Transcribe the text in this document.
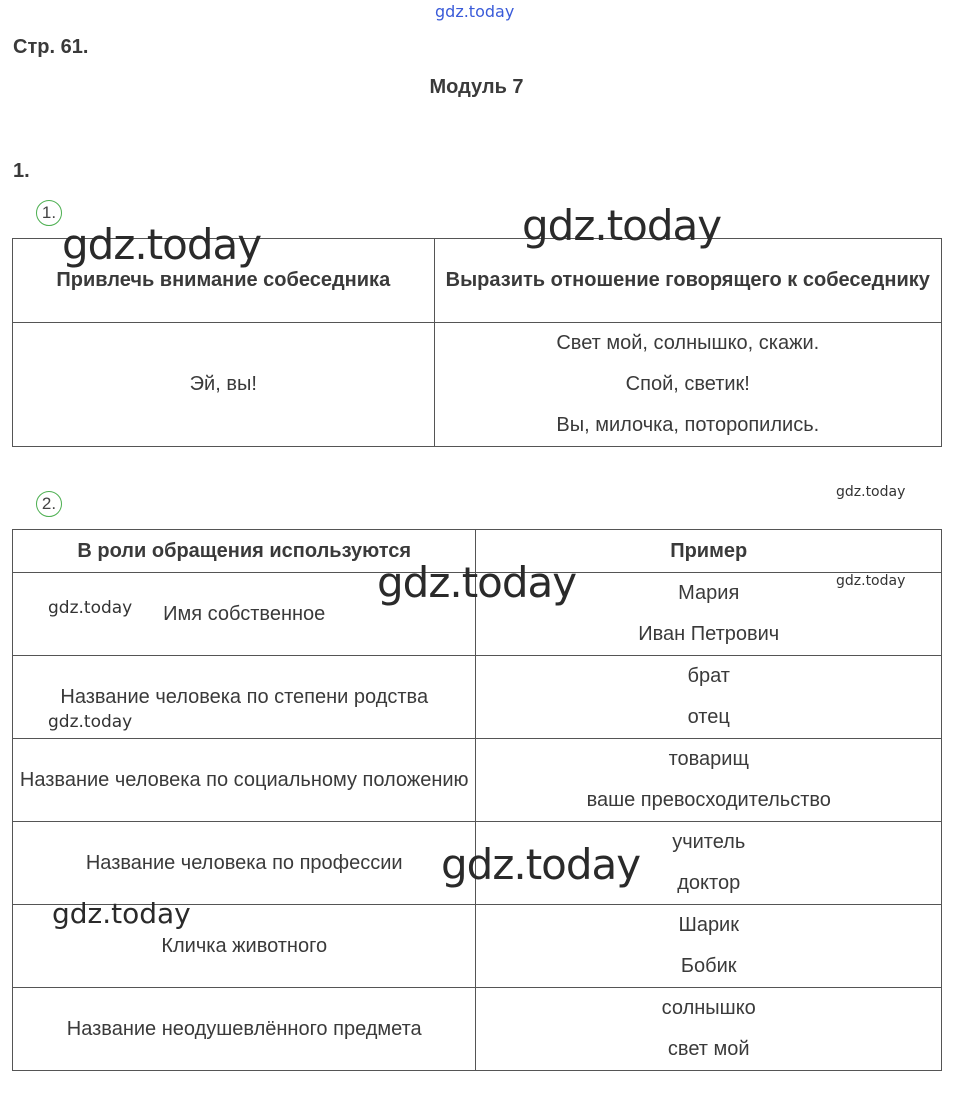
gdz.today
Стр. 61.
Модуль 7
1.
1.
Привлечь внимание собеседника	Выразить отношение говорящего к собеседнику
Эй, вы!	Свет мой, солнышко, скажи.
Спой, светик!
Вы, милочка, поторопились.
2.
В роли обращения используются	Пример
Имя собственное	Мария
Иван Петрович

Название человека по степени родства	брат
отец

Название человека по социальному положению	товарищ
ваше превосходительство

Название человека по профессии	учитель
доктор

Кличка животного	Шарик
Бобик

Название неодушевлённого предмета	солнышко
свет мой
gdz.today	gdz.today
gdz.today
gdz.today	gdz.today
gdz.today
gdz.today
gdz.today
gdz.today
